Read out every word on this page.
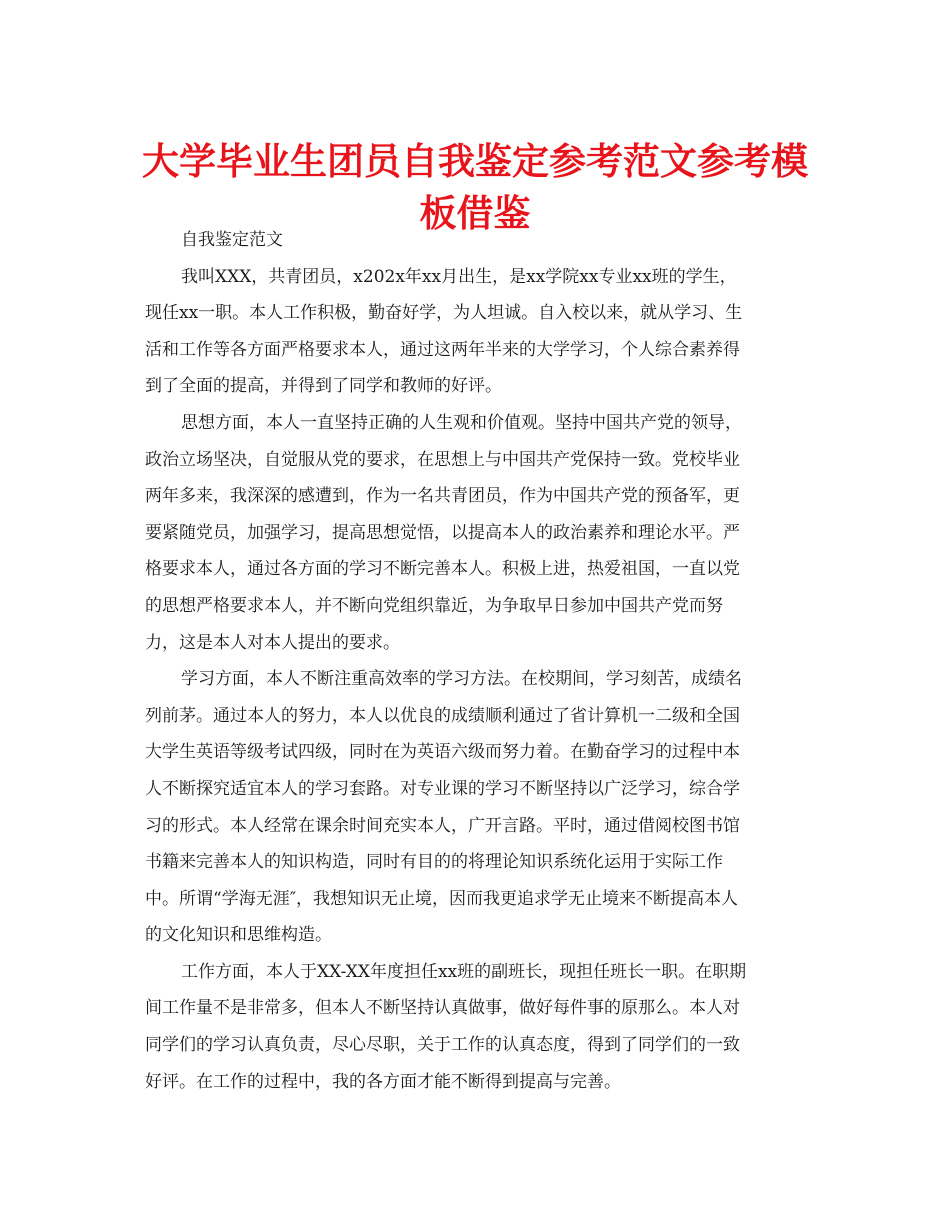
大学毕业生团员自我鉴定参考范文参考模
板借鉴

自我鉴定范文

我叫XXX，共青团员，x202x年xx月出生，是xx学院xx专业xx班的学生，
现任xx一职。本人工作积极，勤奋好学，为人坦诚。自入校以来，就从学习、生
活和工作等各方面严格要求本人，通过这两年半来的大学学习，个人综合素养得
到了全面的提高，并得到了同学和教师的好评。
思想方面，本人一直坚持正确的人生观和价值观。坚持中国共产党的领导，
政治立场坚决，自觉服从党的要求，在思想上与中国共产党保持一致。党校毕业
两年多来，我深深的感遭到，作为一名共青团员，作为中国共产党的预备军，更
要紧随党员，加强学习，提高思想觉悟，以提高本人的政治素养和理论水平。严
格要求本人，通过各方面的学习不断完善本人。积极上进，热爱祖国，一直以党
的思想严格要求本人，并不断向党组织靠近，为争取早日参加中国共产党而努
力，这是本人对本人提出的要求。
学习方面，本人不断注重高效率的学习方法。在校期间，学习刻苦，成绩名
列前茅。通过本人的努力，本人以优良的成绩顺利通过了省计算机一二级和全国
大学生英语等级考试四级，同时在为英语六级而努力着。在勤奋学习的过程中本
人不断探究适宜本人的学习套路。对专业课的学习不断坚持以广泛学习，综合学
习的形式。本人经常在课余时间充实本人，广开言路。平时，通过借阅校图书馆
书籍来完善本人的知识构造，同时有目的的将理论知识系统化运用于实际工作
中。所谓“学海无涯″，我想知识无止境，因而我更追求学无止境来不断提高本人
的文化知识和思维构造。
工作方面，本人于XX-XX年度担任xx班的副班长，现担任班长一职。在职期
间工作量不是非常多，但本人不断坚持认真做事，做好每件事的原那么。本人对
同学们的学习认真负责，尽心尽职，关于工作的认真态度，得到了同学们的一致
好评。在工作的过程中，我的各方面才能不断得到提高与完善。
